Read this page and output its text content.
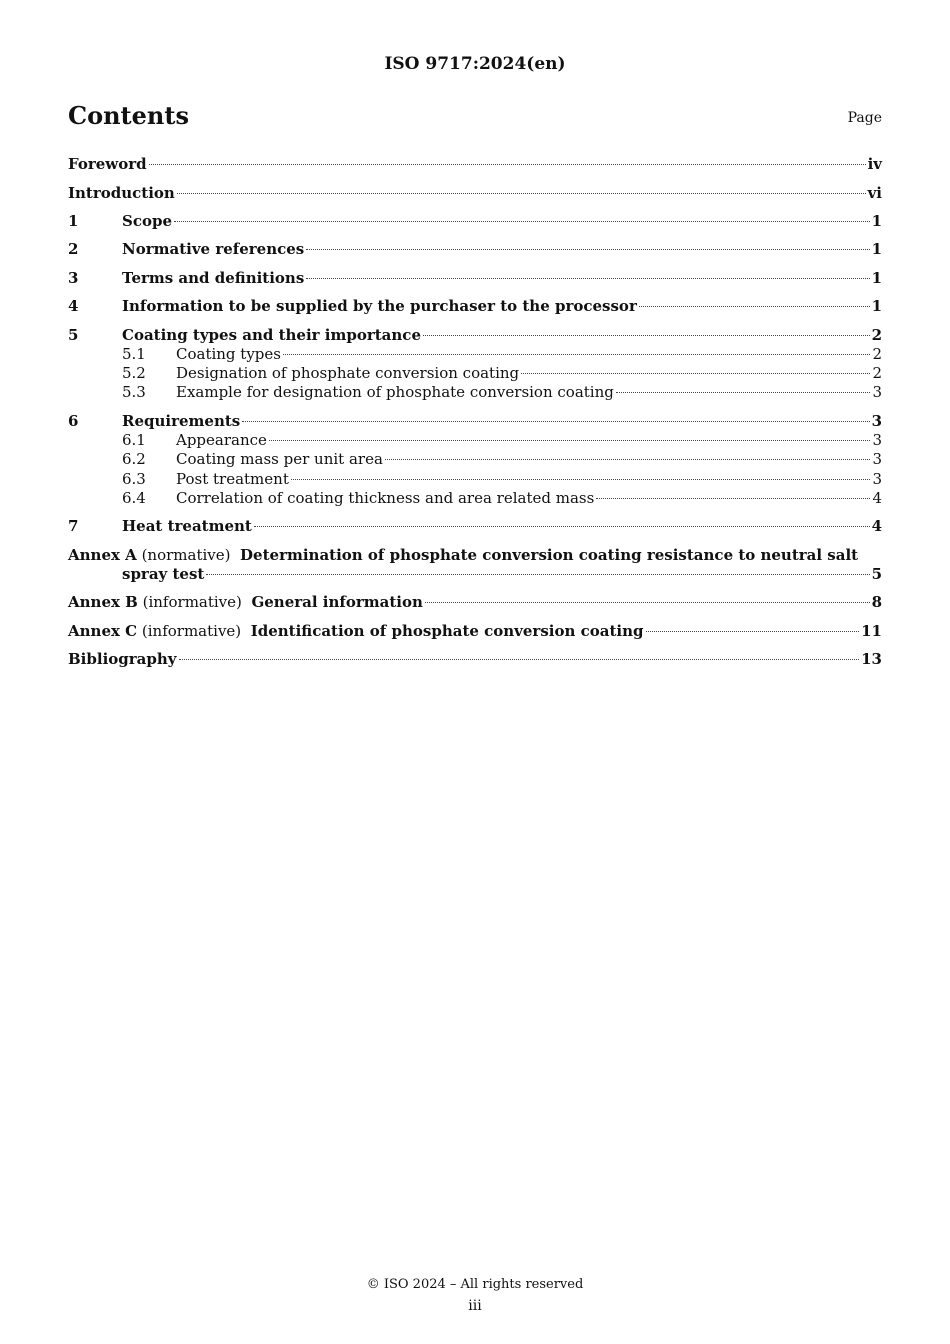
ISO 9717:2024(en)
Contents	Page
Foreword	iv
Introduction	vi
1	Scope	1
2	Normative references	1
3	Terms and definitions	1
4	Information to be supplied by the purchaser to the processor	1
5	Coating types and their importance	2
5.1	Coating types	2
5.2	Designation of phosphate conversion coating	2
5.3	Example for designation of phosphate conversion coating	3
6	Requirements	3
6.1	Appearance	3
6.2	Coating mass per unit area	3
6.3	Post treatment	3
6.4	Correlation of coating thickness and area related mass	4
7	Heat treatment	4
Annex A (normative) Determination of phosphate conversion coating resistance to neutral salt
spray test	5
Annex B (informative) General information	8
Annex C (informative) Identification of phosphate conversion coating	11
Bibliography	13
© ISO 2024 – All rights reserved
iii
